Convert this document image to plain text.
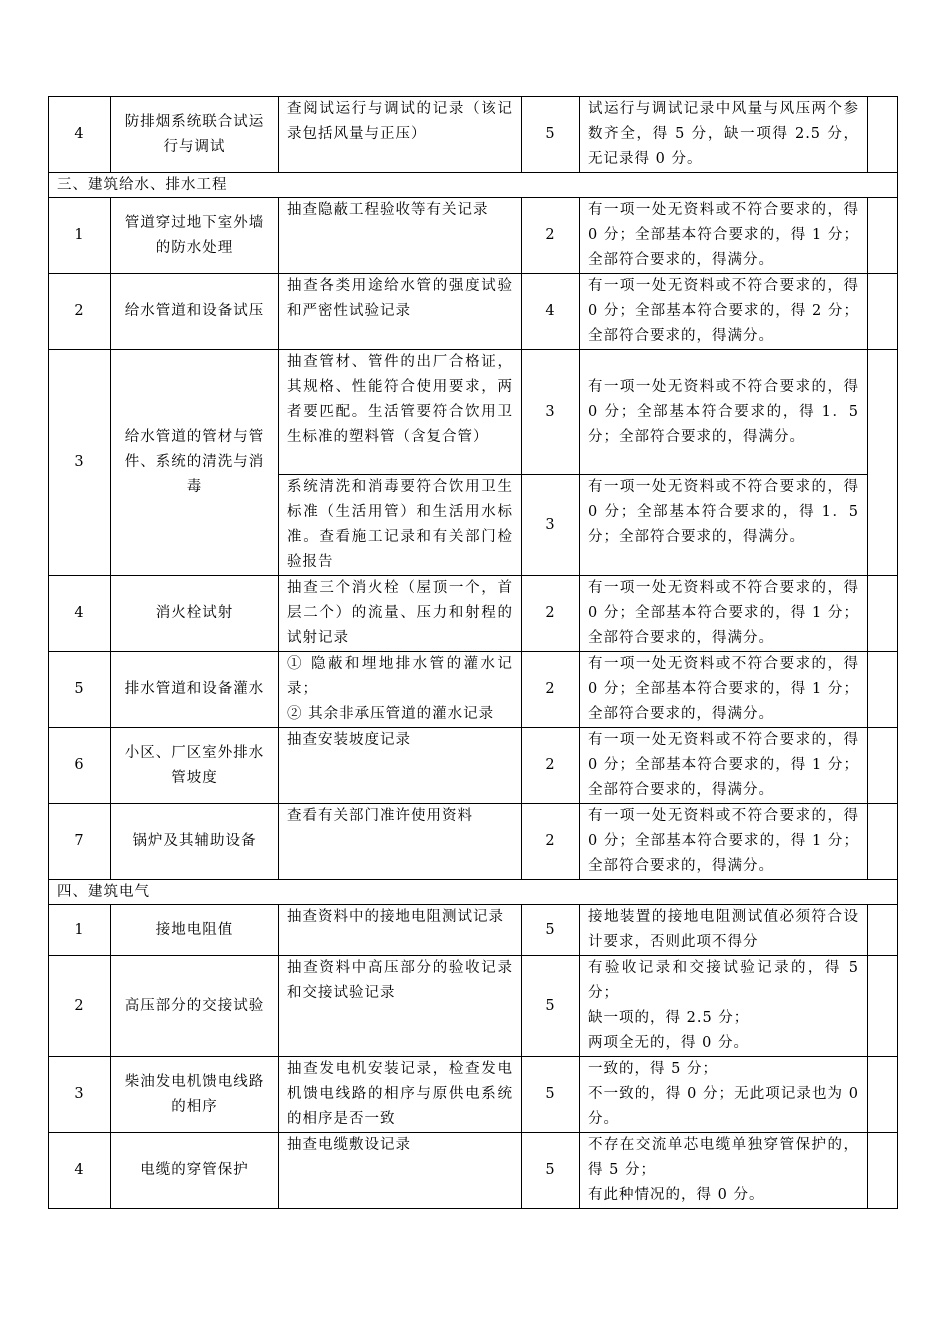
4	防排烟系统联合试运行与调试	查阅试运行与调试的记录（该记录包括风量与正压）	5	试运行与调试记录中风量与风压两个参数齐全，得 5 分，缺一项得 2.5 分，无记录得 0 分。	

三、建筑给水、排水工程					
1	管道穿过地下室外墙的防水处理	抽查隐蔽工程验收等有关记录	2	有一项一处无资料或不符合要求的，得 0 分；全部基本符合要求的，得 1 分；全部符合要求的，得满分。	

2	给水管道和设备试压	抽查各类用途给水管的强度试验和严密性试验记录	4	有一项一处无资料或不符合要求的，得 0 分；全部基本符合要求的，得 2 分；全部符合要求的，得满分。	

3	给水管道的管材与管件、系统的清洗与消毒	抽查管材、管件的出厂合格证，其规格、性能符合使用要求，两者要匹配。生活管要符合饮用卫生标准的塑料管（含复合管）	3	有一项一处无资料或不符合要求的，得 0 分；全部基本符合要求的，得 1．5 分；全部符合要求的，得满分。	

		系统清洗和消毒要符合饮用卫生标准（生活用管）和生活用水标准。查看施工记录和有关部门检验报告	3	有一项一处无资料或不符合要求的，得 0 分；全部基本符合要求的，得 1．5 分；全部符合要求的，得满分。	

4	消火栓试射	抽查三个消火栓（屋顶一个，首层二个）的流量、压力和射程的试射记录	2	有一项一处无资料或不符合要求的，得 0 分；全部基本符合要求的，得 1 分；全部符合要求的，得满分。	

5	排水管道和设备灌水	① 隐蔽和埋地排水管的灌水记录；
② 其余非承压管道的灌水记录	2	有一项一处无资料或不符合要求的，得 0 分；全部基本符合要求的，得 1 分；全部符合要求的，得满分。	

6	小区、厂区室外排水管坡度	抽查安装坡度记录	2	有一项一处无资料或不符合要求的，得 0 分；全部基本符合要求的，得 1 分；全部符合要求的，得满分。	

7	锅炉及其辅助设备	查看有关部门准许使用资料	2	有一项一处无资料或不符合要求的，得 0 分；全部基本符合要求的，得 1 分；全部符合要求的，得满分。	

四、建筑电气					
1	接地电阻值	抽查资料中的接地电阻测试记录	5	接地装置的接地电阻测试值必须符合设计要求，否则此项不得分	

2	高压部分的交接试验	抽查资料中高压部分的验收记录和交接试验记录	5	有验收记录和交接试验记录的，得 5 分；
缺一项的，得 2.5 分；
两项全无的，得 0 分。	

3	柴油发电机馈电线路的相序	抽查发电机安装记录，检查发电机馈电线路的相序与原供电系统的相序是否一致	5	一致的，得 5 分；
不一致的，得 0 分；无此项记录也为 0 分。	

4	电缆的穿管保护	抽查电缆敷设记录	5	不存在交流单芯电缆单独穿管保护的，得 5 分；
有此种情况的，得 0 分。	
